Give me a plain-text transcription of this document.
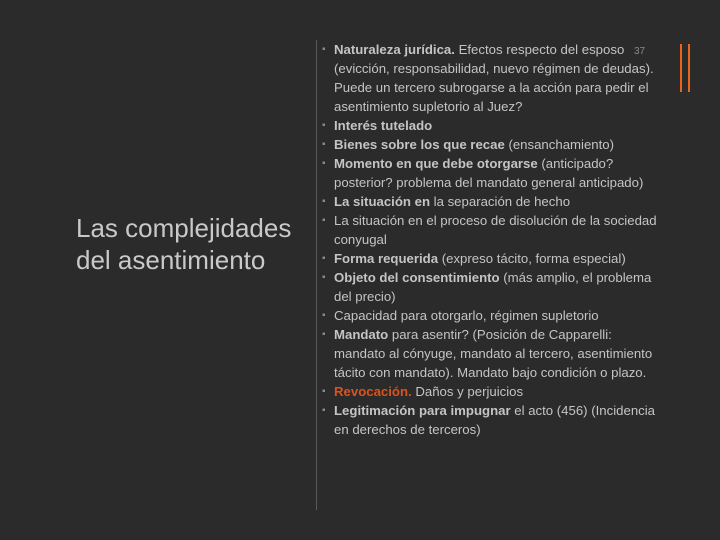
Las complejidades del asentimiento
37
▪ Naturaleza jurídica. Efectos respecto del esposo (evicción, responsabilidad, nuevo régimen de deudas). Puede un tercero subrogarse a la acción para pedir el asentimiento supletorio al Juez?
▪ Interés tutelado
▪ Bienes sobre los que recae (ensanchamiento)
▪ Momento en que debe otorgarse (anticipado? posterior? problema del mandato general anticipado)
▪ La situación en la separación de hecho
▪ La situación en el proceso de disolución de la sociedad conyugal
▪ Forma requerida (expreso tácito, forma especial)
▪ Objeto del consentimiento (más amplio, el problema del precio)
▪ Capacidad para otorgarlo, régimen supletorio
▪ Mandato para asentir? (Posición de Capparelli: mandato al cónyuge, mandato al tercero, asentimiento tácito con mandato). Mandato bajo condición o plazo.
▪ Revocación. Daños y perjuicios
▪ Legitimación para impugnar el acto (456) (Incidencia en derechos de terceros)
